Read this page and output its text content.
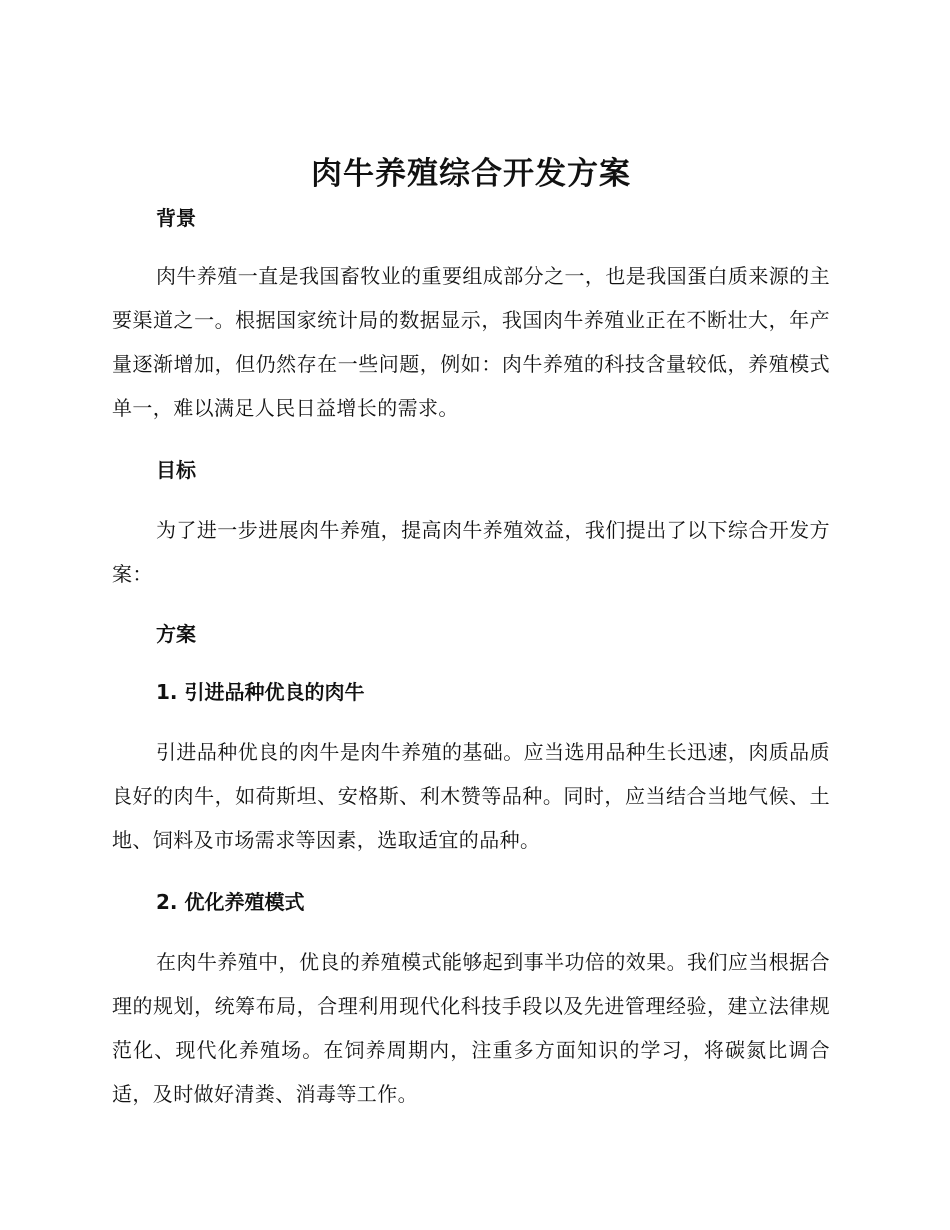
肉牛养殖综合开发方案

背景

肉牛养殖一直是我国畜牧业的重要组成部分之一，也是我国蛋白质来源的主要渠道之一。根据国家统计局的数据显示，我国肉牛养殖业正在不断壮大，年产量逐渐增加，但仍然存在一些问题，例如：肉牛养殖的科技含量较低，养殖模式单一，难以满足人民日益增长的需求。

目标

为了进一步进展肉牛养殖，提高肉牛养殖效益，我们提出了以下综合开发方案：

方案

1. 引进品种优良的肉牛

引进品种优良的肉牛是肉牛养殖的基础。应当选用品种生长迅速，肉质品质良好的肉牛，如荷斯坦、安格斯、利木赞等品种。同时，应当结合当地气候、土地、饲料及市场需求等因素，选取适宜的品种。

2. 优化养殖模式

在肉牛养殖中，优良的养殖模式能够起到事半功倍的效果。我们应当根据合理的规划，统筹布局，合理利用现代化科技手段以及先进管理经验，建立法律规范化、现代化养殖场。在饲养周期内，注重多方面知识的学习，将碳氮比调合适，及时做好清粪、消毒等工作。
